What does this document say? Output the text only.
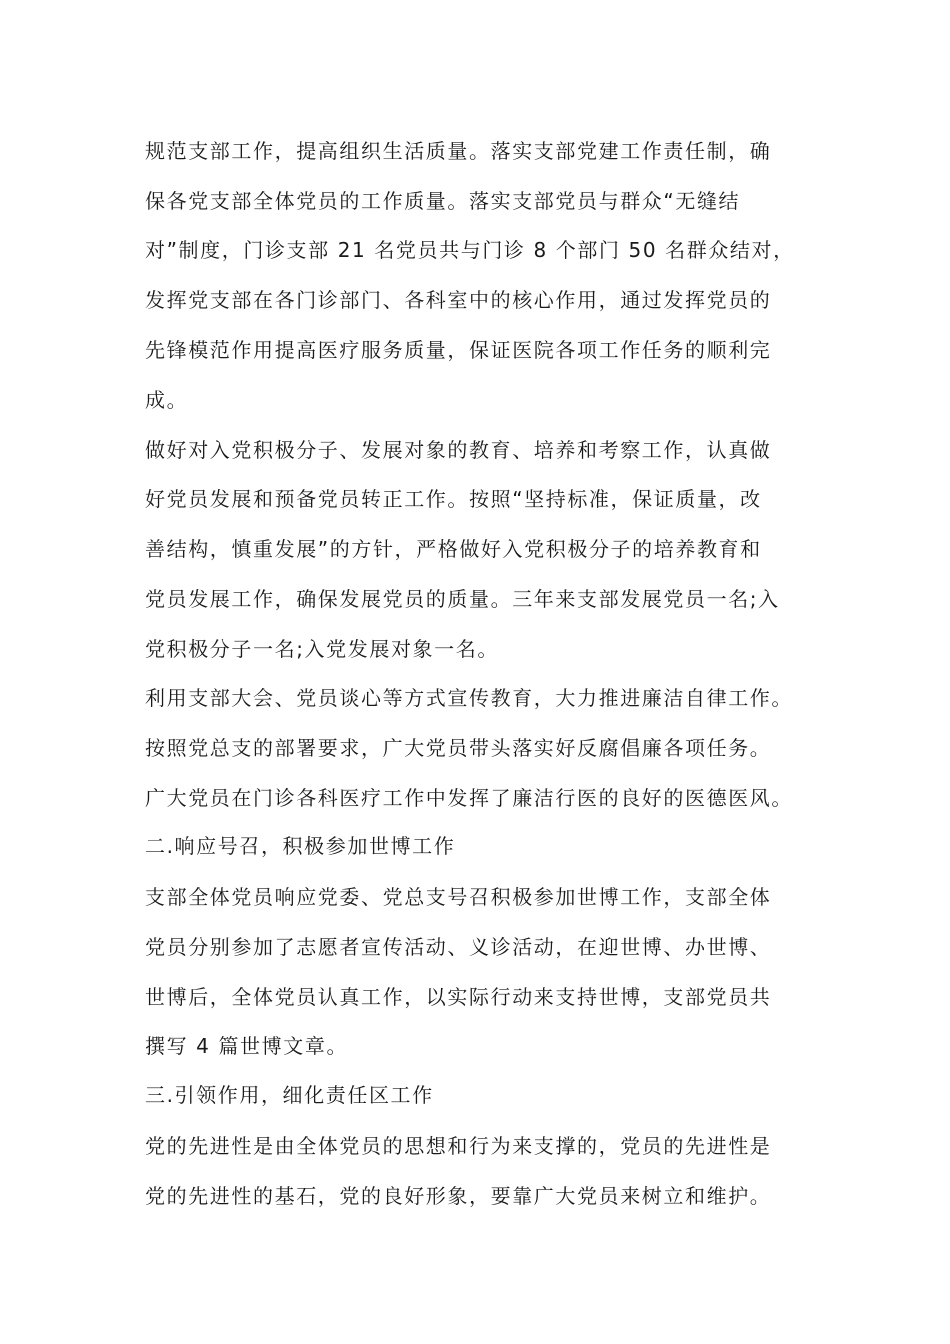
规范支部工作，提高组织生活质量。落实支部党建工作责任制，确
保各党支部全体党员的工作质量。落实支部党员与群众“无缝结
对”制度，门诊支部 21 名党员共与门诊 8 个部门 50 名群众结对，
发挥党支部在各门诊部门、各科室中的核心作用，通过发挥党员的
先锋模范作用提高医疗服务质量，保证医院各项工作任务的顺利完
成。
做好对入党积极分子、发展对象的教育、培养和考察工作，认真做
好党员发展和预备党员转正工作。按照“坚持标准，保证质量，改
善结构，慎重发展”的方针，严格做好入党积极分子的培养教育和
党员发展工作，确保发展党员的质量。三年来支部发展党员一名;入
党积极分子一名;入党发展对象一名。
利用支部大会、党员谈心等方式宣传教育，大力推进廉洁自律工作。
按照党总支的部署要求，广大党员带头落实好反腐倡廉各项任务。
广大党员在门诊各科医疗工作中发挥了廉洁行医的良好的医德医风。
二.响应号召，积极参加世博工作
支部全体党员响应党委、党总支号召积极参加世博工作，支部全体
党员分别参加了志愿者宣传活动、义诊活动，在迎世博、办世博、
世博后，全体党员认真工作，以实际行动来支持世博，支部党员共
撰写 4 篇世博文章。
三.引领作用，细化责任区工作
党的先进性是由全体党员的思想和行为来支撑的，党员的先进性是
党的先进性的基石，党的良好形象，要靠广大党员来树立和维护。
